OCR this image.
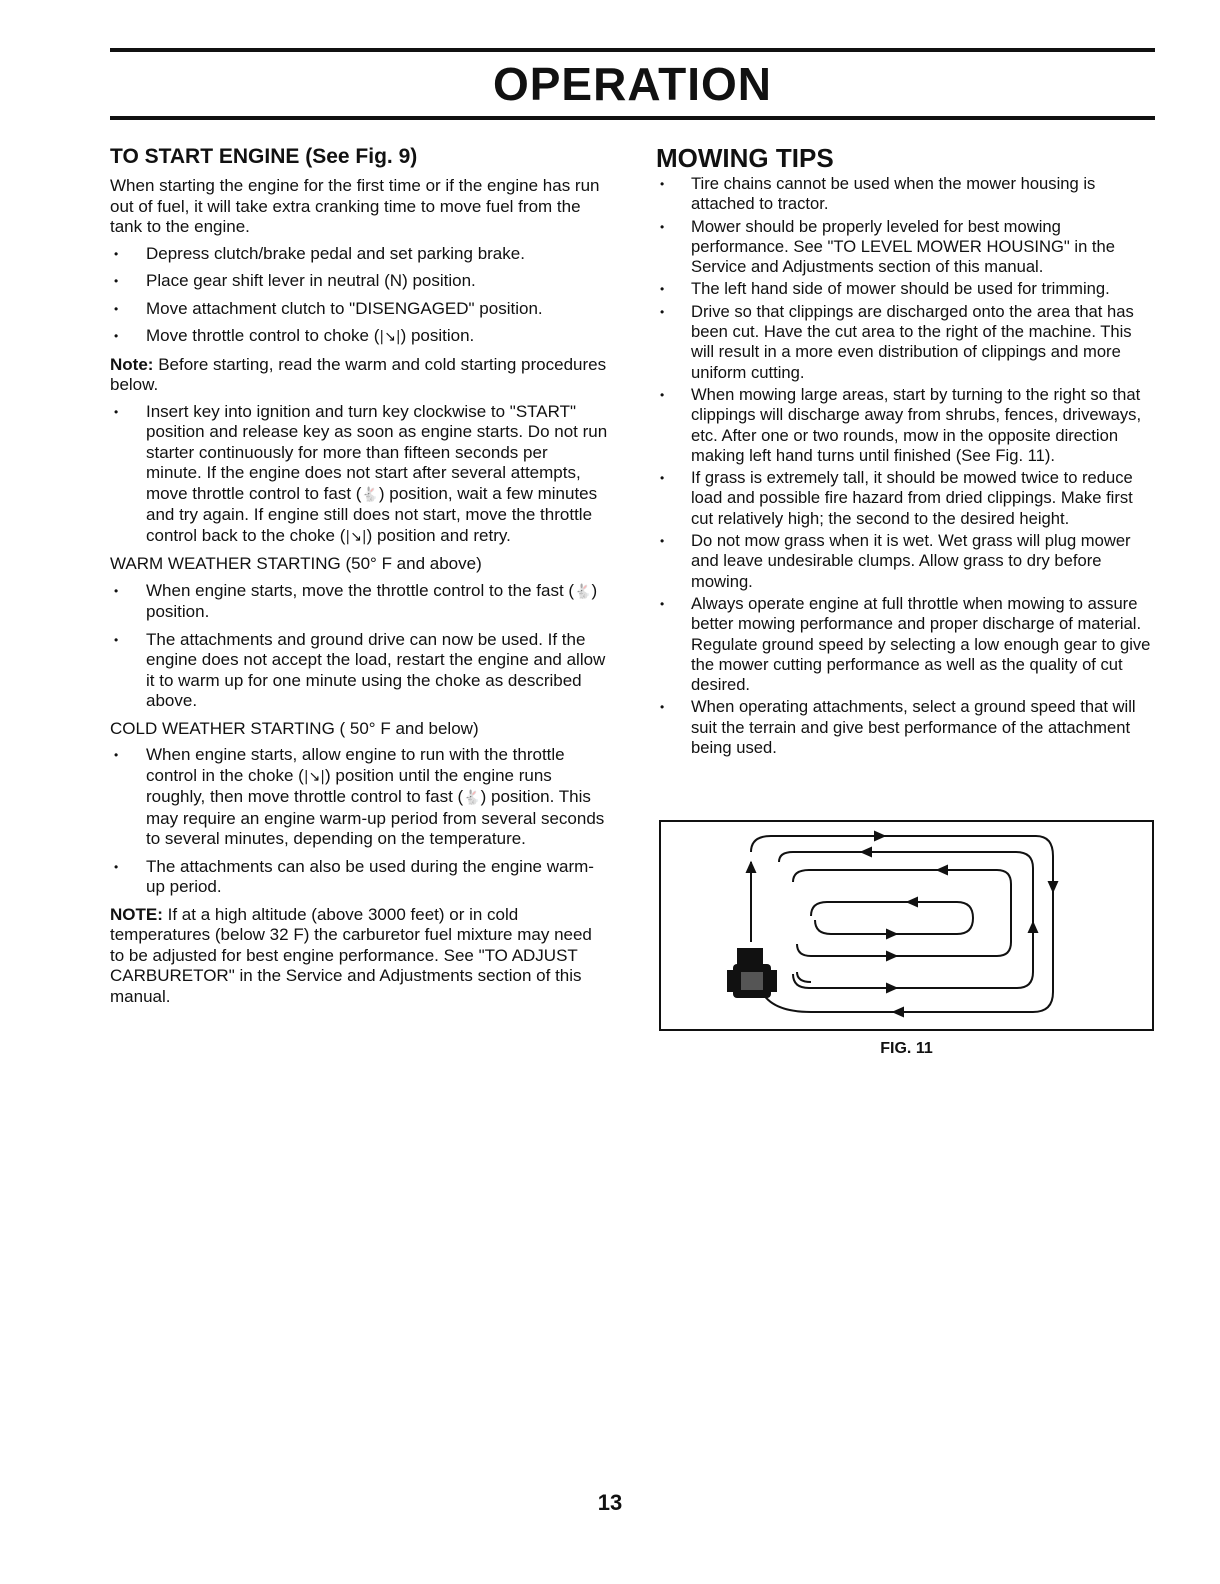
OPERATION
TO START ENGINE (See Fig. 9)

When starting the engine for the first time or if the engine has run out of fuel, it will take extra cranking time to move fuel from the tank to the engine.

• Depress clutch/brake pedal and set parking brake.
• Place gear shift lever in neutral (N) position.
• Move attachment clutch to "DISENGAGED" position.
• Move throttle control to choke (|↘|) position.

Note: Before starting, read the warm and cold starting procedures below.

• Insert key into ignition and turn key clockwise to "START" position and release key as soon as engine starts. Do not run starter continuously for more than fifteen seconds per minute. If the engine does not start after several attempts, move throttle control to fast (🐇) position, wait a few minutes and try again. If engine still does not start, move the throttle control back to the choke (|↘|) position and retry.

WARM WEATHER STARTING (50° F and above)

• When engine starts, move the throttle control to the fast (🐇) position.
• The attachments and ground drive can now be used. If the engine does not accept the load, restart the engine and allow it to warm up for one minute using the choke as described above.

COLD WEATHER STARTING ( 50° F and below)

• When engine starts, allow engine to run with the throttle control in the choke (|↘|) position until the engine runs roughly, then move throttle control to fast (🐇) position. This may require an engine warm-up period from several seconds to several minutes, depending on the temperature.
• The attachments can also be used during the engine warm-up period.

NOTE: If at a high altitude (above 3000 feet) or in cold temperatures (below 32 F) the carburetor fuel mixture may need to be adjusted for best engine performance. See "TO ADJUST CARBURETOR" in the Service and Adjustments section of this manual.

MOWING TIPS
• Tire chains cannot be used when the mower housing is attached to tractor.
• Mower should be properly leveled for best mowing performance. See "TO LEVEL MOWER HOUSING" in the Service and Adjustments section of this manual.
• The left hand side of mower should be used for trimming.
• Drive so that clippings are discharged onto the area that has been cut. Have the cut area to the right of the machine. This will result in a more even distribution of clippings and more uniform cutting.
• When mowing large areas, start by turning to the right so that clippings will discharge away from shrubs, fences, driveways, etc. After one or two rounds, mow in the opposite direction making left hand turns until finished (See Fig. 11).
• If grass is extremely tall, it should be mowed twice to reduce load and possible fire hazard from dried clippings. Make first cut relatively high; the second to the desired height.
• Do not mow grass when it is wet. Wet grass will plug mower and leave undesirable clumps. Allow grass to dry before mowing.
• Always operate engine at full throttle when mowing to assure better mowing performance and proper discharge of material. Regulate ground speed by selecting a low enough gear to give the mower cutting performance as well as the quality of cut desired.
• When operating attachments, select a ground speed that will suit the terrain and give best performance of the attachment being used.
FIG. 11
13
